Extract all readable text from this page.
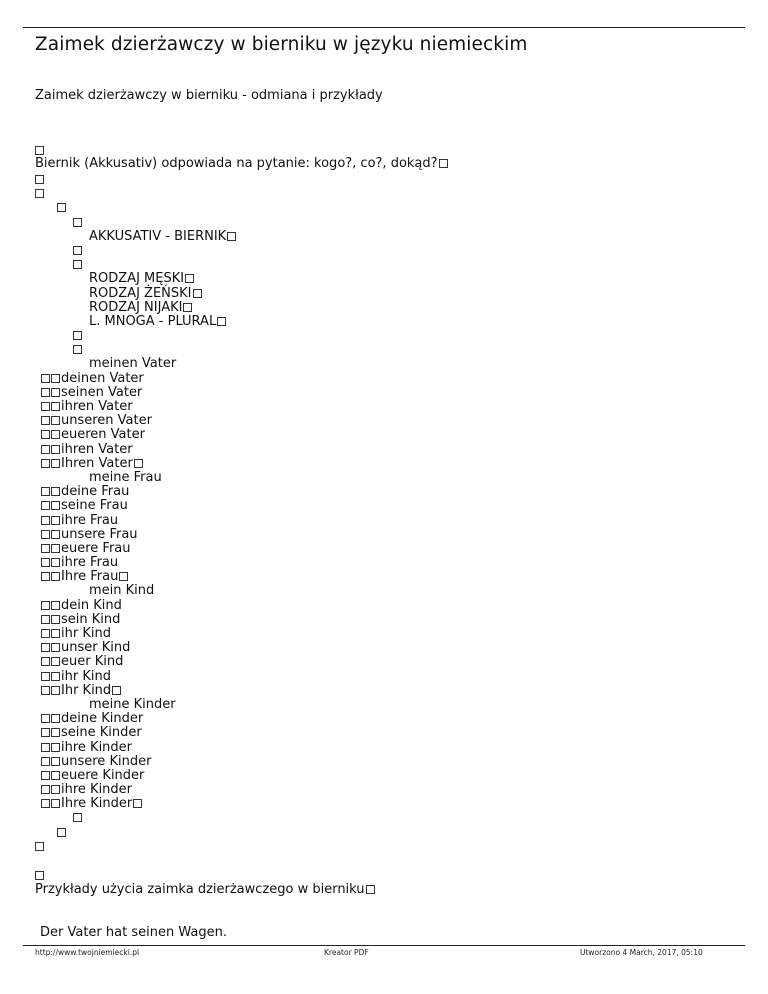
Zaimek dzierżawczy w bierniku w języku niemieckim
Zaimek dzierżawczy w bierniku - odmiana i przykłady
Biernik (Akkusativ) odpowiada na pytanie: kogo?, co?, dokąd?
AKKUSATIV - BIERNIK
RODZAJ MĘSKI
RODZAJ ŻEŃSKI
RODZAJ NIJAKI
L. MNOGA - PLURAL
meinen Vater
deinen Vater
seinen Vater
ihren Vater
unseren Vater
eueren Vater
ihren Vater
Ihren Vater
meine Frau
deine Frau
seine Frau
ihre Frau
unsere Frau
euere Frau
ihre Frau
Ihre Frau
mein Kind
dein Kind
sein Kind
ihr Kind
unser Kind
euer Kind
ihr Kind
Ihr Kind
meine Kinder
deine Kinder
seine Kinder
ihre Kinder
unsere Kinder
euere Kinder
ihre Kinder
Ihre Kinder
Przykłady użycia zaimka dzierżawczego w bierniku
Der Vater hat seinen Wagen.
http://www.twojniemiecki.pl	Kreator PDF	Utworzono 4 March, 2017, 05:10
